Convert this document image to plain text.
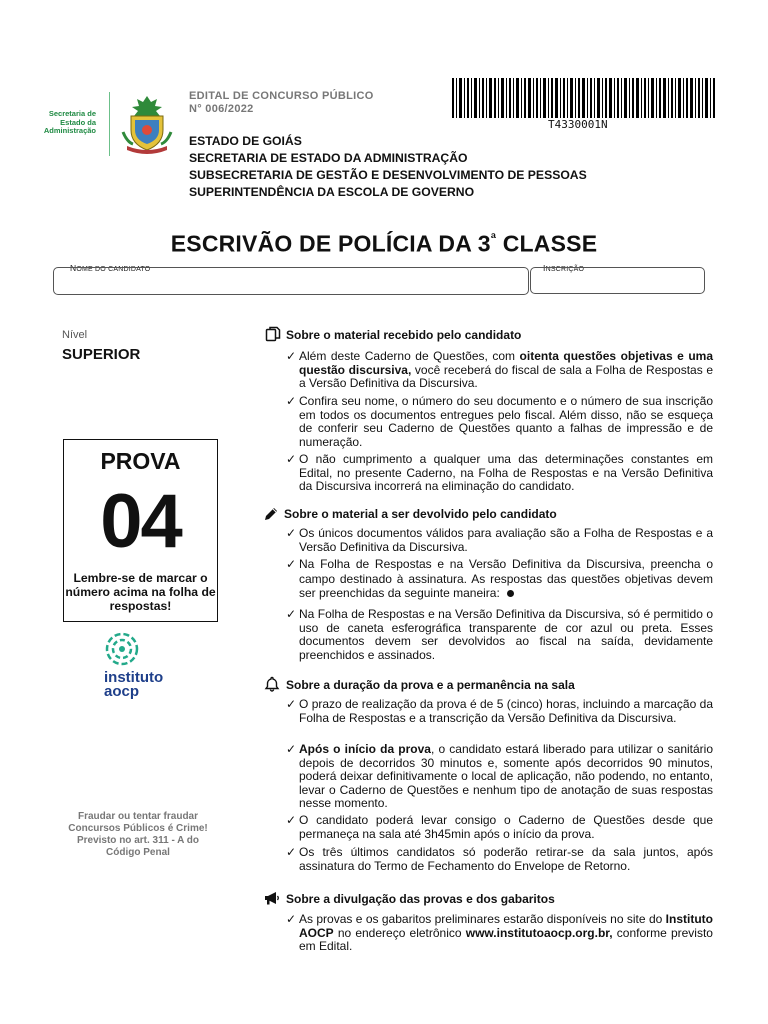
Secretaria de Estado da Administração
EDITAL DE CONCURSO PÚBLICO
N° 006/2022
T4330001N
ESTADO DE GOIÁS
SECRETARIA DE ESTADO DA ADMINISTRAÇÃO
SUBSECRETARIA DE GESTÃO E DESENVOLVIMENTO DE PESSOAS
SUPERINTENDÊNCIA DA ESCOLA DE GOVERNO
ESCRIVÃO DE POLÍCIA DA $3^ª$ CLASSE
NOME DO CANDIDATO	INSCRIÇÃO
Nível
SUPERIOR
PROVA
04
Lembre-se de marcar o número acima na folha de respostas!
instituto
aocp
Fraudar ou tentar fraudar Concursos Públicos é Crime! Previsto no art. 311 - A do Código Penal
Sobre o material recebido pelo candidato
✓ Além deste Caderno de Questões, com oitenta questões objetivas e uma questão discursiva, você receberá do fiscal de sala a Folha de Respostas e a Versão Definitiva da Discursiva.
✓ Confira seu nome, o número do seu documento e o número de sua inscrição em todos os documentos entregues pelo fiscal. Além disso, não se esqueça de conferir seu Caderno de Questões quanto a falhas de impressão e de numeração.
✓ O não cumprimento a qualquer uma das determinações constantes em Edital, no presente Caderno, na Folha de Respostas e na Versão Definitiva da Discursiva incorrerá na eliminação do candidato.
Sobre o material a ser devolvido pelo candidato
✓ Os únicos documentos válidos para avaliação são a Folha de Respostas e a Versão Definitiva da Discursiva.
✓ Na Folha de Respostas e na Versão Definitiva da Discursiva, preencha o campo destinado à assinatura. As respostas das questões objetivas devem ser preenchidas da seguinte maneira:
✓ Na Folha de Respostas e na Versão Definitiva da Discursiva, só é permitido o uso de caneta esferográfica transparente de cor azul ou preta. Esses documentos devem ser devolvidos ao fiscal na saída, devidamente preenchidos e assinados.
Sobre a duração da prova e a permanência na sala
✓ O prazo de realização da prova é de 5 (cinco) horas, incluindo a marcação da Folha de Respostas e a transcrição da Versão Definitiva da Discursiva.
✓ Após o início da prova, o candidato estará liberado para utilizar o sanitário depois de decorridos 30 minutos e, somente após decorridos 90 minutos, poderá deixar definitivamente o local de aplicação, não podendo, no entanto, levar o Caderno de Questões e nenhum tipo de anotação de suas respostas nesse momento.
✓ O candidato poderá levar consigo o Caderno de Questões desde que permaneça na sala até 3h45min após o início da prova.
✓ Os três últimos candidatos só poderão retirar-se da sala juntos, após assinatura do Termo de Fechamento do Envelope de Retorno.
Sobre a divulgação das provas e dos gabaritos
✓ As provas e os gabaritos preliminares estarão disponíveis no site do Instituto AOCP no endereço eletrônico www.institutoaocp.org.br, conforme previsto em Edital.
